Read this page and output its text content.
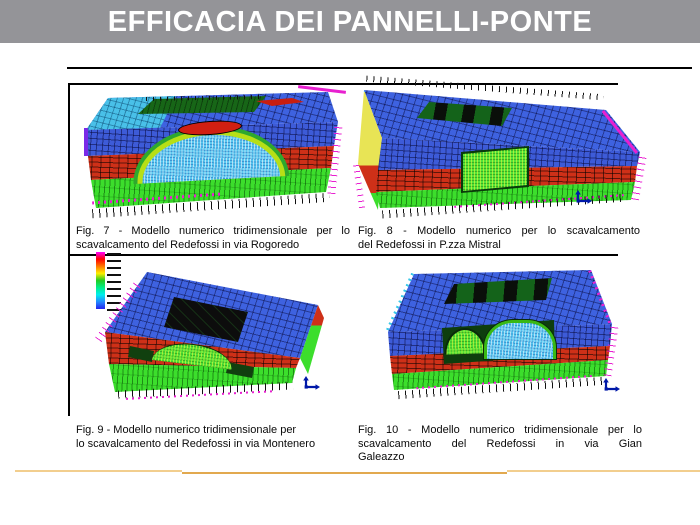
EFFICACIA DEI PANNELLI-PONTE
Fig. 7 - Modello numerico tridimensionale per lo
scavalcamento del Redefossi in via Rogoredo
Fig. 8 - Modello numerico per lo scavalcamento
del Redefossi in P.zza Mistral
Fig. 9 - Modello numerico tridimensionale per
lo scavalcamento del Redefossi in via Montenero
Fig. 10 - Modello numerico tridimensionale per lo
scavalcamento del Redefossi in via Gian
Galeazzo
